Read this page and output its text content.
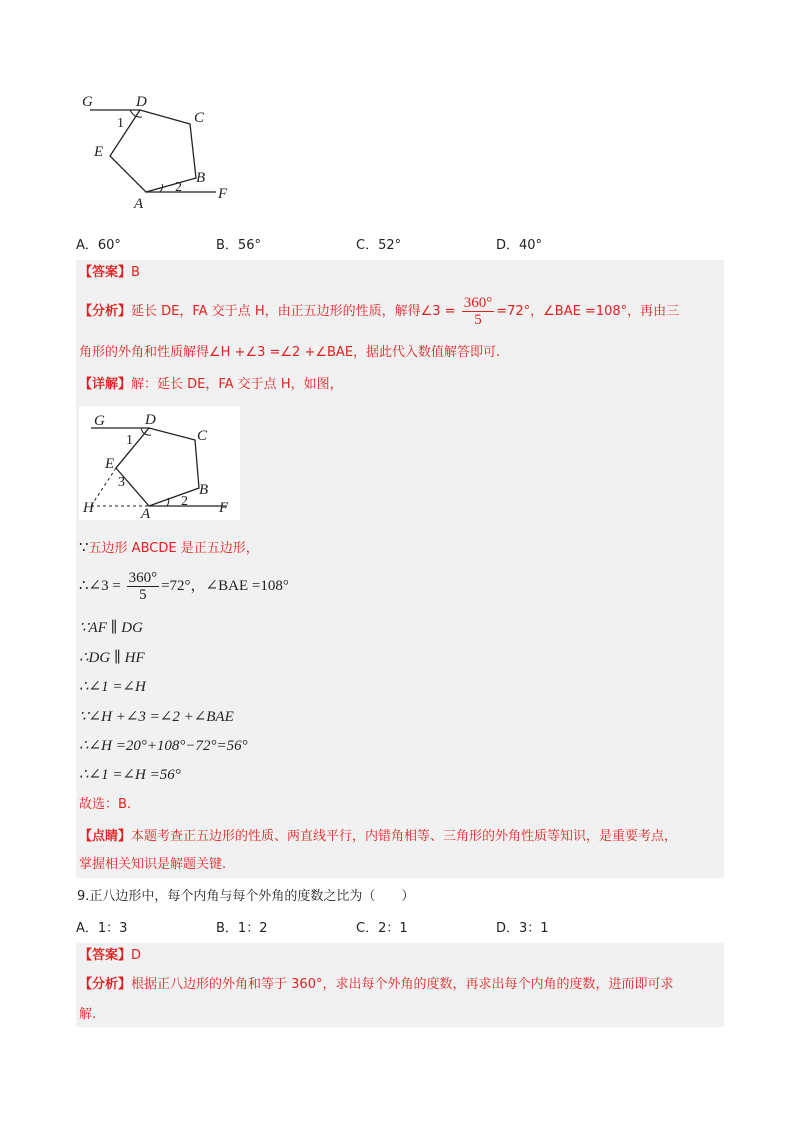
G	D
C
E
B
A
F
1
2
A．60°	B．56°	C．52°	D．40°
【答案】B
【分析】延长 DE，FA 交于点 H，由正五边形的性质，解得∠3 = $\frac{360^\circ}{5} =72^\circ$，∠BAE =108°，再由三
角形的外角和性质解得∠H +∠3 =∠2 +∠BAE，据此代入数值解答即可.
【详解】解：延长 DE，FA 交于点 H，如图，
G	D
C
E
H
B
A	F
1
2
3
∵五边形 ABCDE 是正五边形，
∴∠3 = $\frac{360^\circ}{5} =72^\circ$，∠BAE =108°
∵AF ∥ DG
∴DG ∥ HF
∴∠1 =∠H
∵∠H +∠3 =∠2 +∠BAE
∴∠H =20°+108°−72°=56°
∴∠1 =∠H =56°
故选：B.
【点睛】本题考查正五边形的性质、两直线平行，内错角相等、三角形的外角性质等知识，是重要考点，
掌握相关知识是解题关键.
9.正八边形中，每个内角与每个外角的度数之比为（　　）
A．1：3	B．1：2	C．2：1	D．3：1
【答案】D
【分析】根据正八边形的外角和等于 360°，求出每个外角的度数，再求出每个内角的度数，进而即可求
解.
